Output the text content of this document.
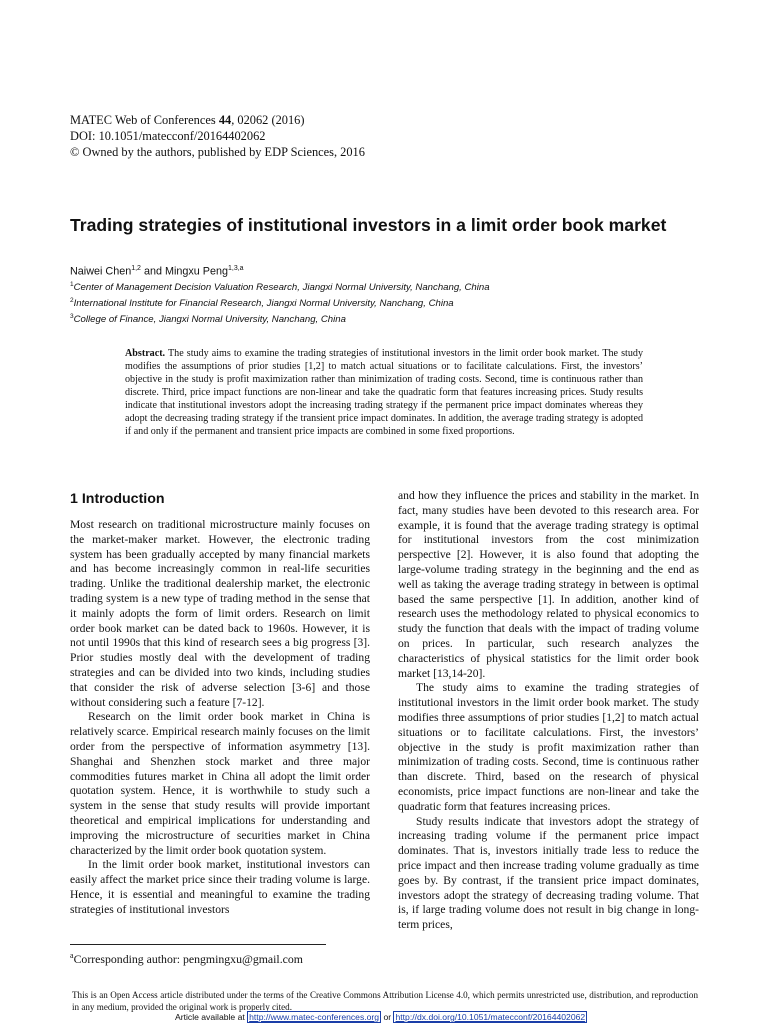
MATEC Web of Conferences 44, 02062 (2016)
DOI: 10.1051/matecconf/20164402062
© Owned by the authors, published by EDP Sciences, 2016
Trading strategies of institutional investors in a limit order book market
Naiwei Chen$^{1,2}$ and Mingxu Peng$^{1,3,a}$
$^1$Center of Management Decision Valuation Research, Jiangxi Normal University, Nanchang, China
$^2$International Institute for Financial Research, Jiangxi Normal University, Nanchang, China
$^3$College of Finance, Jiangxi Normal University, Nanchang, China
Abstract. The study aims to examine the trading strategies of institutional investors in the limit order book market. The study modifies the assumptions of prior studies [1,2] to match actual situations or to facilitate calculations. First, the investors’ objective in the study is profit maximization rather than minimization of trading costs. Second, time is continuous rather than discrete. Third, price impact functions are non-linear and take the quadratic form that features increasing prices. Study results indicate that institutional investors adopt the increasing trading strategy if the permanent price impact dominates whereas they adopt the decreasing trading strategy if the transient price impact dominates. In addition, the average trading strategy is adopted if and only if the permanent and transient price impacts are combined in some fixed proportions.
1 Introduction

Most research on traditional microstructure mainly focuses on the market-maker market. However, the electronic trading system has been gradually accepted by many financial markets and has become increasingly common in real-life securities trading. Unlike the traditional dealership market, the electronic trading system is a new type of trading method in the sense that it mainly adopts the form of limit orders. Research on limit order book market can be dated back to 1960s. However, it is not until 1990s that this kind of research sees a big progress [3]. Prior studies mostly deal with the development of trading strategies and can be divided into two kinds, including studies that consider the risk of adverse selection [3-6] and those without considering such a feature [7-12].

Research on the limit order book market in China is relatively scarce. Empirical research mainly focuses on the limit order from the perspective of information asymmetry [13]. Shanghai and Shenzhen stock market and three major commodities futures market in China all adopt the limit order quotation system. Hence, it is worthwhile to study such a system in the sense that study results will provide important theoretical and empirical implications for understanding and improving the microstructure of securities market in China characterized by the limit order book quotation system.

In the limit order book market, institutional investors can easily affect the market price since their trading volume is large. Hence, it is essential and meaningful to examine the trading strategies of institutional investors

and how they influence the prices and stability in the market. In fact, many studies have been devoted to this research area. For example, it is found that the average trading strategy is optimal for institutional investors from the cost minimization perspective [2]. However, it is also found that adopting the large-volume trading strategy in the beginning and the end as well as taking the average trading strategy in between is optimal based the same perspective [1]. In addition, another kind of research uses the methodology related to physical economics to study the function that deals with the impact of trading volume on prices. In particular, such research analyzes the characteristics of physical statistics for the limit order book market [13,14-20].

The study aims to examine the trading strategies of institutional investors in the limit order book market. The study modifies three assumptions of prior studies [1,2] to match actual situations or to facilitate calculations. First, the investors’ objective in the study is profit maximization rather than minimization of trading costs. Second, time is continuous rather than discrete. Third, based on the research of physical economists, price impact functions are non-linear and take the quadratic form that features increasing prices.

Study results indicate that investors adopt the strategy of increasing trading volume if the permanent price impact dominates. That is, investors initially trade less to reduce the price impact and then increase trading volume gradually as time goes by. By contrast, if the transient price impact dominates, investors adopt the strategy of decreasing trading volume. That is, if large trading volume does not result in big change in long-term prices,

$^a$Corresponding author: pengmingxu@gmail.com
This is an Open Access article distributed under the terms of the Creative Commons Attribution License 4.0, which permits unrestricted use, distribution, and reproduction in any medium, provided the original work is properly cited.
Article available at http://www.matec-conferences.org or http://dx.doi.org/10.1051/matecconf/20164402062
